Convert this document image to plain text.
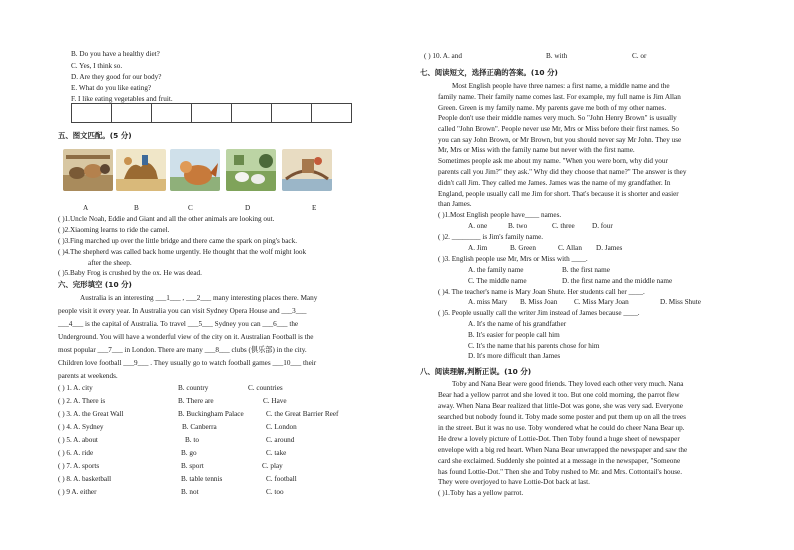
B. Do you have a healthy diet?
C. Yes, I think so.
D. Are they good for our body?
E. What do you like eating?
F. I like eating vegetables and fruit.

五、图文匹配。(5 分)
A	B	C	D	E
( )1.Uncle Noah, Eddie and Giant and all the other animals are looking out.
( )2.Xiaoming learns to ride the camel.
( )3.Fing marched up over the little bridge and there came the spark on ping's back.
( )4.The shepherd was called back home urgently. He thought that the wolf might look
after the sheep.
( )5.Baby Frog is crushed by the ox. He was dead.
六、完形填空 (10 分)
Australia is an interesting ___1___ , ___2___ many interesting places there. Many
people visit it every year. In Australia you can visit Sydney Opera House and ___3___
___4___ is the capital of Australia. To travel ___5___ Sydney you can ___6___ the
Underground. You will have a wonderful view of the city on it. Australian Football is the
most popular ___7___ in London. There are many ___8___ clubs (俱乐部) in the city.
Children love football ___9___ . They usually go to watch football games ___10___ their
parents at weekends.
( ) 1. A. city	B. country	C. countries
( ) 2. A. There is	B. There are	C. Have
( ) 3. A. the Great Wall	B. Buckingham Palace	C. the Great Barrier Reef
( ) 4. A. Sydney	B. Canberra	C. London
( ) 5. A. about	B. to	C. around
( ) 6. A. ride	B. go	C. take
( ) 7. A. sports	B. sport	C. play
( ) 8. A. basketball	B. table tennis	C. football
( ) 9 A. either	B. not	C. too
( ) 10. A. and	B. with	C. or
七、阅读短文，选择正确的答案。(10 分)
Most English people have three names: a first name, a middle name and the
family name. Their family name comes last. For example, my full name is Jim Allan
Green. Green is my family name. My parents gave me both of my other names.
People don't use their middle names very much. So "John Henry Brown" is usually
called "John Brown". People never use Mr, Mrs or Miss before their first names. So
you can say John Brown, or Mr Brown, but you should never say Mr John. They use
Mr, Mrs or Miss with the family name but never with the first name.
Sometimes people ask me about my name. "When you were born, why did your
parents call you Jim?" they ask." Why did they choose that name?" The answer is they
didn't call Jim. They called me James. James was the name of my grandfather. In
England, people usually call me Jim for short. That's because it is shorter and easier
than James.
( )1.Most English people have____ names.
A. one	B. two	C. three D. four
( )2. ________ is Jim's family name.
A. Jim	B. Green	C. Allan D. James
( )3. English people use Mr, Mrs or Miss with ____.
A. the family name	B. the first name
C. The middle name	D. the first name and the middle name
( )4. The teacher's name is Mary Joan Shute. Her students call her ____.
A. miss Mary B. Miss Joan C. Miss Mary Joan	D. Miss Shute
( )5. People usually call the writer Jim instead of James because ____.
A. It's the name of his grandfather
B. It's easier for people call him
C. It's the name that his parents chose for him
D. It's more difficult than James
八、阅读理解,判断正误。(10 分)
Toby and Nana Bear were good friends. They loved each other very much. Nana
Bear had a yellow parrot and she loved it too. But one cold morning, the parrot flew
away. When Nana Bear realized that little-Dot was gone, she was very sad. Everyone
searched but nobody found it. Toby made some poster and put them up on all the trees
in the street. But it was no use. Toby wondered what he could do cheer Nana Bear up.
He drew a lovely picture of Lottie-Dot. Then Toby found a huge sheet of newspaper
envelope with a big red heart. When Nana Bear unwrapped the newspaper and saw the
card she exclaimed. Suddenly she pointed at a message in the newspaper, "Someone
has found Lottie-Dot." Then she and Toby rushed to Mr. and Mrs. Cottontail's house.
They were overjoyed to have Lottie-Dot back at last.
( )1.Toby has a yellow parrot.
